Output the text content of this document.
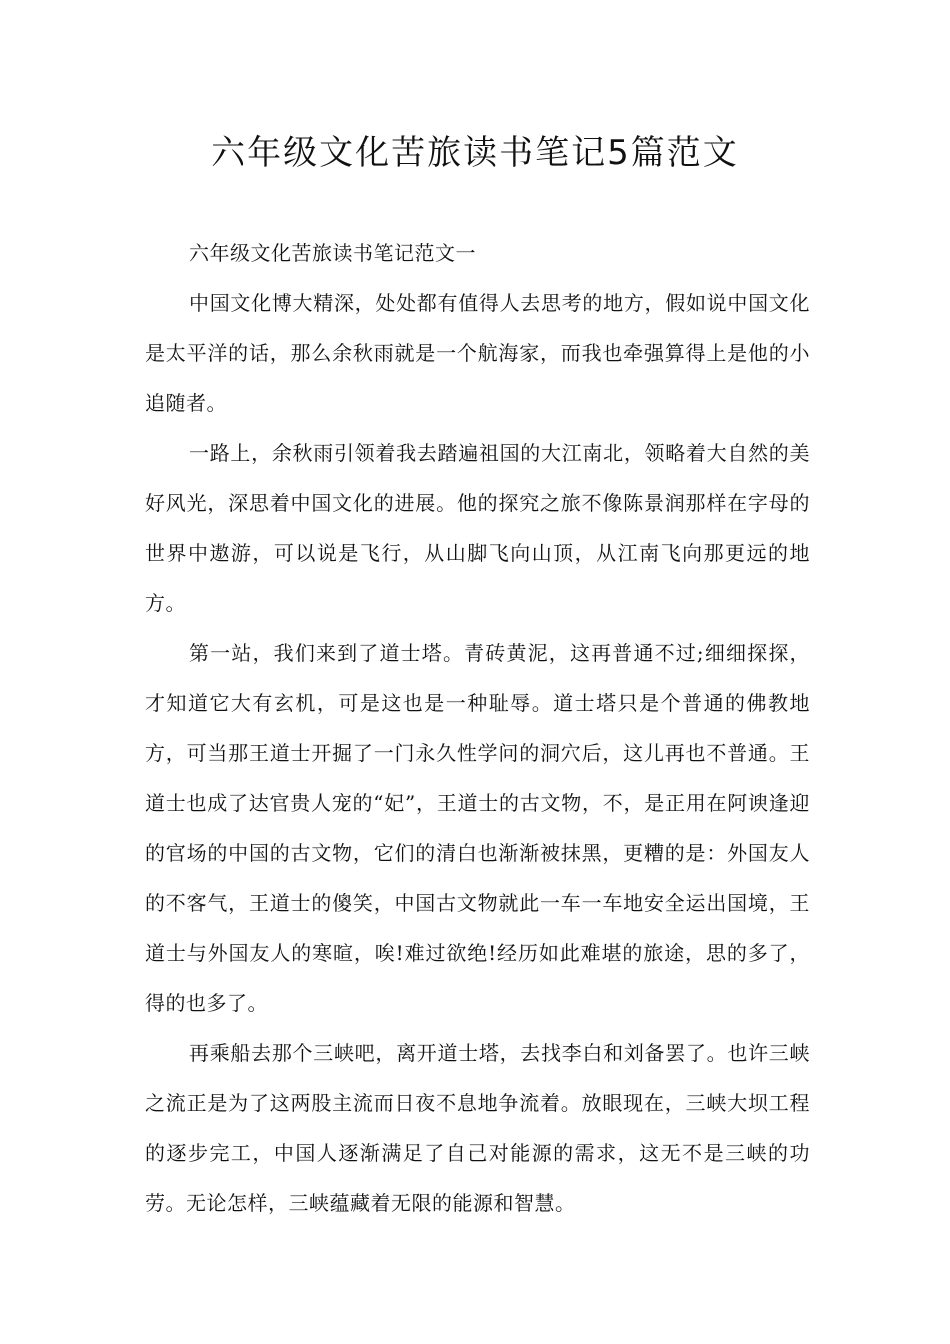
六年级文化苦旅读书笔记5篇范文

六年级文化苦旅读书笔记范文一

中国文化博大精深，处处都有值得人去思考的地方，假如说中国文化是太平洋的话，那么余秋雨就是一个航海家，而我也牵强算得上是他的小追随者。

一路上，余秋雨引领着我去踏遍祖国的大江南北，领略着大自然的美好风光，深思着中国文化的进展。他的探究之旅不像陈景润那样在字母的世界中遨游，可以说是飞行，从山脚飞向山顶，从江南飞向那更远的地方。

第一站，我们来到了道士塔。青砖黄泥，这再普通不过;细细探探，才知道它大有玄机，可是这也是一种耻辱。道士塔只是个普通的佛教地方，可当那王道士开掘了一门永久性学问的洞穴后，这儿再也不普通。王道士也成了达官贵人宠的“妃”，王道士的古文物，不，是正用在阿谀逢迎的官场的中国的古文物，它们的清白也渐渐被抹黑，更糟的是：外国友人的不客气，王道士的傻笑，中国古文物就此一车一车地安全运出国境，王道士与外国友人的寒暄，唉!难过欲绝!经历如此难堪的旅途，思的多了，得的也多了。

再乘船去那个三峡吧，离开道士塔，去找李白和刘备罢了。也许三峡之流正是为了这两股主流而日夜不息地争流着。放眼现在，三峡大坝工程的逐步完工，中国人逐渐满足了自己对能源的需求，这无不是三峡的功劳。无论怎样，三峡蕴藏着无限的能源和智慧。
